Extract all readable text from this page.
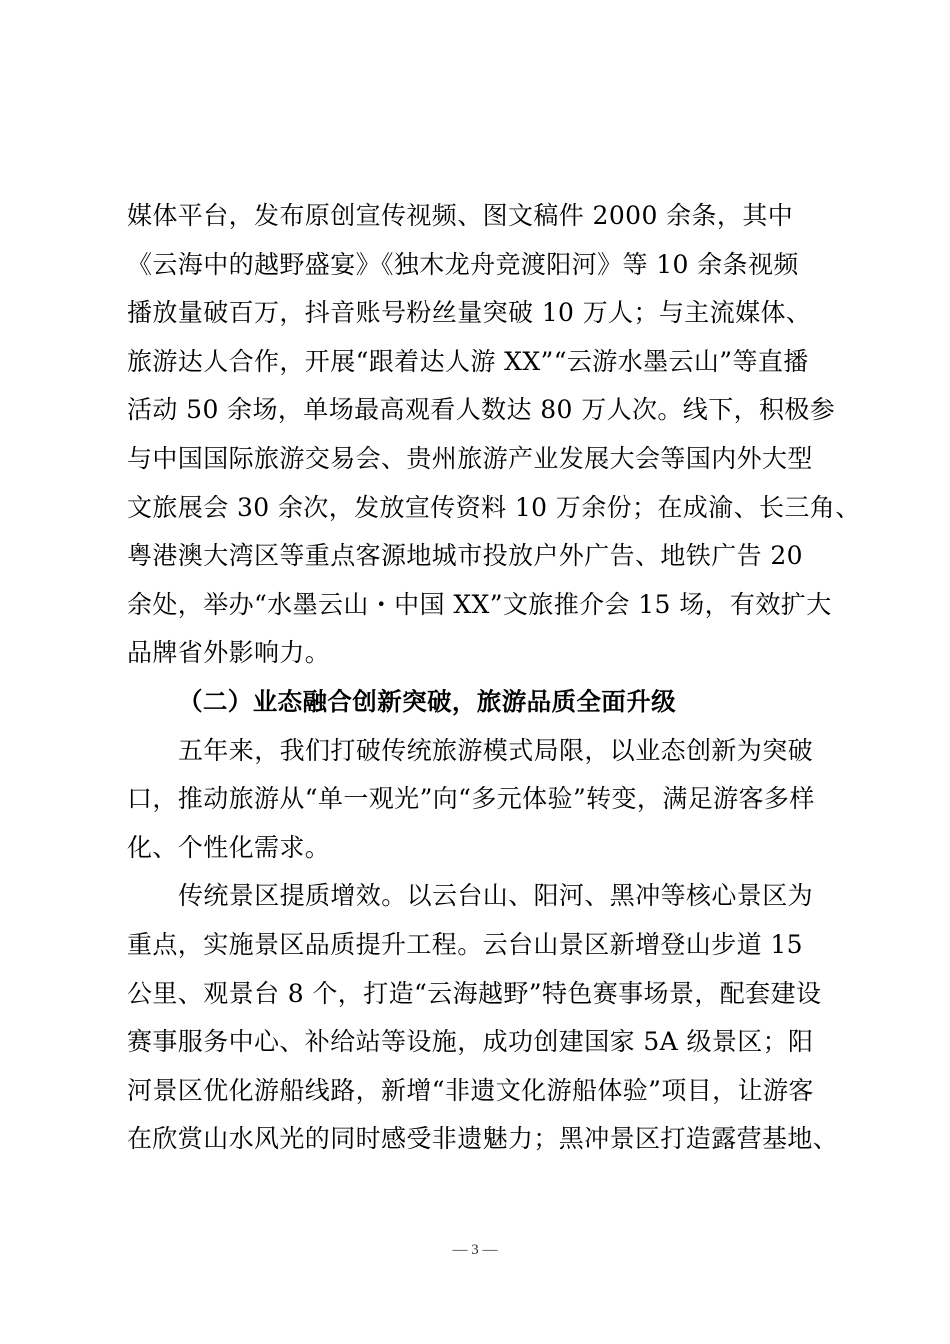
媒体平台，发布原创宣传视频、图文稿件 2000 余条，其中
《云海中的越野盛宴》《独木龙舟竞渡阳河》等 10 余条视频
播放量破百万，抖音账号粉丝量突破 10 万人；与主流媒体、
旅游达人合作，开展“跟着达人游 XX”“云游水墨云山”等直播
活动 50 余场，单场最高观看人数达 80 万人次。线下，积极参
与中国国际旅游交易会、贵州旅游产业发展大会等国内外大型
文旅展会 30 余次，发放宣传资料 10 万余份；在成渝、长三角、
粤港澳大湾区等重点客源地城市投放户外广告、地铁广告 20
余处，举办“水墨云山・中国 XX”文旅推介会 15 场，有效扩大
品牌省外影响力。
（二）业态融合创新突破，旅游品质全面升级
五年来，我们打破传统旅游模式局限，以业态创新为突破
口，推动旅游从“单一观光”向“多元体验”转变，满足游客多样
化、个性化需求。
传统景区提质增效。以云台山、阳河、黑冲等核心景区为
重点，实施景区品质提升工程。云台山景区新增登山步道 15
公里、观景台 8 个，打造“云海越野”特色赛事场景，配套建设
赛事服务中心、补给站等设施，成功创建国家 5A 级景区；阳
河景区优化游船线路，新增“非遗文化游船体验”项目，让游客
在欣赏山水风光的同时感受非遗魅力；黑冲景区打造露营基地、
— 3 —
